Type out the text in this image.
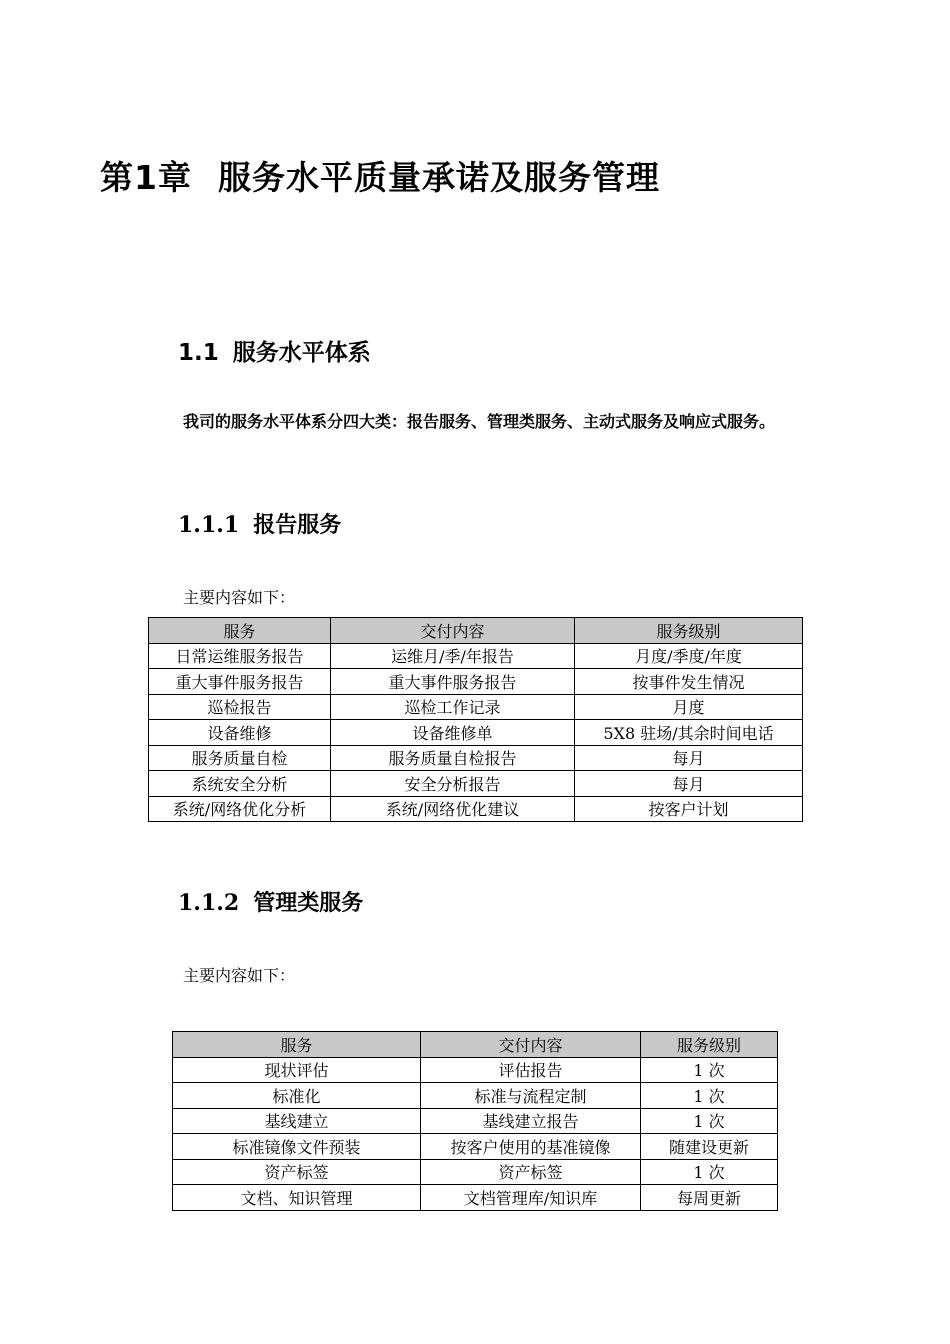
第1章 服务水平质量承诺及服务管理
1.1 服务水平体系

我司的服务水平体系分四大类：报告服务、管理类服务、主动式服务及响应式服务。

1.1.1 报告服务

主要内容如下：

服务	交付内容	服务级别
日常运维服务报告	运维月/季/年报告	月度/季度/年度
重大事件服务报告	重大事件服务报告	按事件发生情况
巡检报告	巡检工作记录	月度
设备维修	设备维修单	5X8 驻场/其余时间电话
服务质量自检	服务质量自检报告	每月
系统安全分析	安全分析报告	每月
系统/网络优化分析	系统/网络优化建议	按客户计划
1.1.2 管理类服务

主要内容如下：

服务	交付内容	服务级别
现状评估	评估报告	1 次
标准化	标准与流程定制	1 次
基线建立	基线建立报告	1 次
标准镜像文件预装	按客户使用的基准镜像	随建设更新
资产标签	资产标签	1 次
文档、知识管理	文档管理库/知识库	每周更新
